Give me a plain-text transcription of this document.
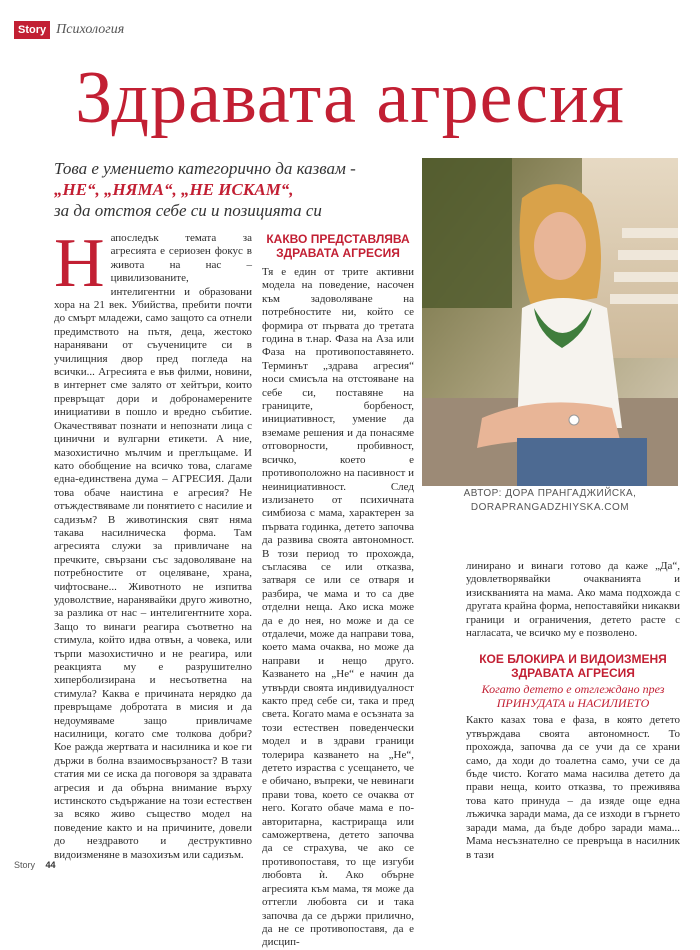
Story Психология
Здравата агресия
Това е умението категорично да казвам -
„НЕ“, „НЯМА“, „НЕ ИСКАМ“,
за да отстоя себе си и позицията си
АВТОР: ДОРА ПРАНГАДЖИЙСКА,
DORAPRANGADZHIYSKA.COM
Н апоследък темата за агресията е сериозен фокус в живота на нас – цивилизованите, интелигентни и образовани хора на 21 век. Убийства, пребити почти до смърт младежи, само защото са отнели предимството на пътя, деца, жестоко наранявани от съучениците си в училищния двор пред погледа на всички... Агресията е във филми, новини, в интернет сме залято от хейтъри, които превръщат дори и добронамерените инициативи в пошло и вредно събитие. Окачествяват познати и непознати лица с цинични и вулгарни етикети. А ние, мазохистично мълчим и преглъщаме. И като обобщение на всичко това, слагаме една-единствена дума – АГРЕСИЯ. Дали това обаче наистина е агресия? Не отъждествяваме ли понятието с насилие и садизъм? В животинския свят няма такава насилническа форма. Там агресията служи за привличане на пречките, свързани със задоволяване на потребностите от оцеляване, храна, чифтосване... Животното не изпитва удоволствие, наранявайки друго животно, за разлика от нас – интелигентните хора. Защо то винаги реагира съответно на стимула, който идва отвън, а човека, или търпи мазохистично и не реагира, или реакцията му е разрушително хиперболизирана и несъответна на стимула? Каква е причината нерядко да превръщаме добротата в мисия и да недоумяваме защо привличаме насилници, когато сме толкова добри? Кое ражда жертвата и насилника и кое ги държи в болна взаимосвързаност? В тази статия ми се иска да поговоря за здравата агресия и да обърна внимание върху истинското съдържание на този естествен за всяко живо същество модел на поведение както и на причините, довели до нездравото и деструктивно видоизменяне в мазохизъм или садизъм.

КАКВО ПРЕДСТАВЛЯВА ЗДРАВАТА АГРЕСИЯ

Тя е един от трите активни модела на поведение, насочен към задоволяване на потребностите ни, който се формира от първата до третата година в т.нар. Фаза на Аза или Фаза на противопоставянето. Терминът „здрава агресия“ носи смисъла на отстояване на себе си, поставяне на границите, борбеност, инициативност, умение да вземаме решения и да понасяме отговорности, пробивност, всичко, което е противоположно на пасивност и неинициативност. След излизането от психичната симбиоза с мама, характерен за първата годинка, детето започва да развива своята автономност. В този период то прохожда, съгласява се или отказва, затваря се или се отваря и разбира, че мама и то са две отделни неща. Ако иска може да е до нея, но може и да се отдалечи, може да направи това, което мама очаква, но може да направи и нещо друго. Казването на „Не“ е начин да утвърди своята индивидуалност както пред себе си, така и пред света. Когато мама е осъзната за този естествен поведенчески модел и в здрави граници толерира казването на „Не“, детето израства с усещането, че е обичано, въпреки, че невинаги прави това, което се очаква от него. Когато обаче мама е по-авторитарна, кастрираща или саможертвена, детето започва да се страхува, че ако се противопоставя, то ще изгуби любовта ѝ. Ако обърне агресията към мама, тя може да оттегли любовта си и така започва да се държи прилично, да не се противопоставя, да е дисцип-

линирано и винаги готово да каже „Да“, удовлетворявайки очакванията и изискванията на мама. Ако мама подхожда с другата крайна форма, непоставяйки никакви граници и ограничения, детето расте с нагласата, че всичко му е позволено.

КОЕ БЛОКИРА И ВИДОИЗМЕНЯ ЗДРАВАТА АГРЕСИЯ

Когато детето е отглеждано през ПРИНУДАТА и НАСИЛИЕТО

Както казах това е фаза, в която детето утвърждава своята автономност. То прохожда, започва да се учи да се храни само, да ходи до тоалетна само, учи се да бъде чисто. Когато мама насилва детето да прави неща, които отказва, то преживява това като принуда – да изяде още една лъжичка заради мама, да се изходи в гърнето заради мама, да бъде добро заради мама... Мама несъзнателно се превръща в насилник в тази

Story 44
